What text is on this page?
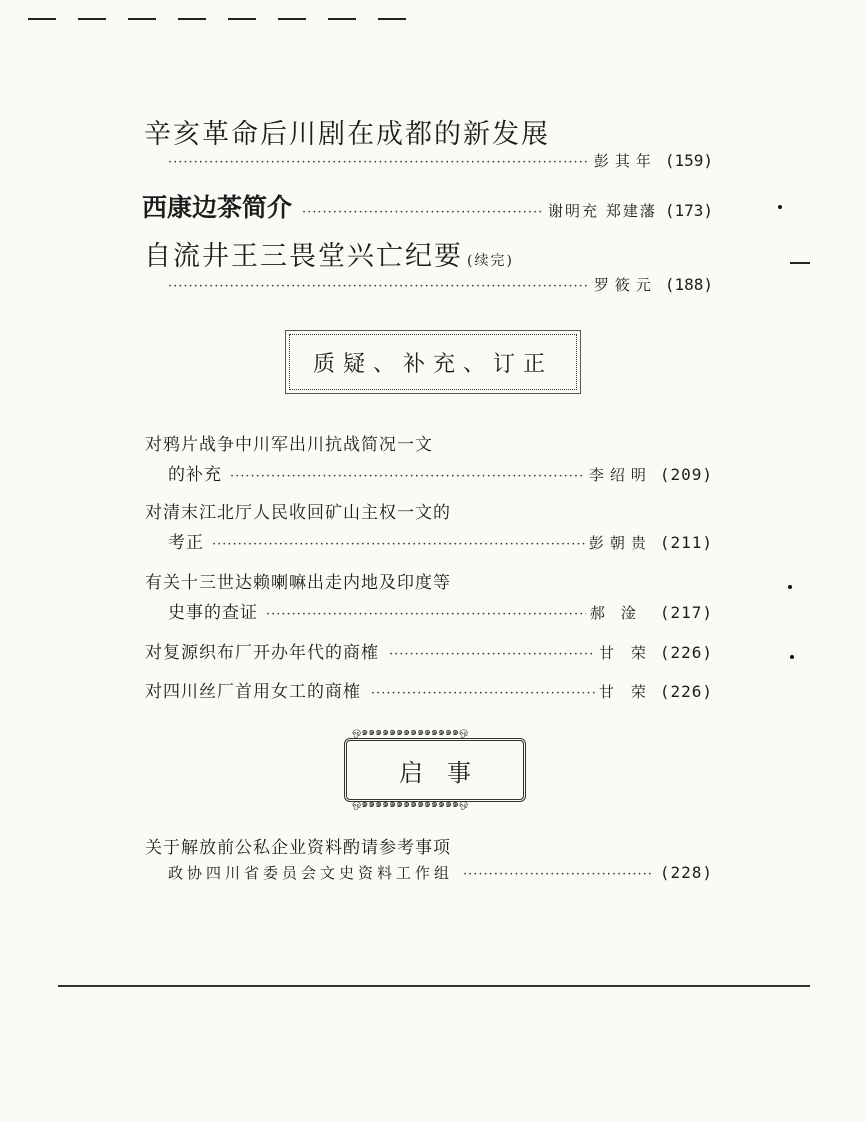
辛亥革命后川剧在成都的新发展
·····
彭其年 (159)
西康边茶简介 ·····	谢明充 郑建藩 (173)
自流井王三畏堂兴亡纪要 (续完)
·····
罗筱元 (188)
质疑、补充、订正
对鸦片战争中川军出川抗战简况一文
的补充 ·····	李绍明 (209)
对清末江北厅人民收回矿山主权一文的
考正 ·····	彭朝贵 (211)
有关十三世达赖喇嘛出走内地及印度等
史事的查证 ·····	郝淦 (217)
对复源织布厂开办年代的商榷 ·····	甘 荣 (226)
对四川丝厂首用女工的商榷 ·····	甘 荣 (226)
ஒ๑๑๑๑๑๑๑๑๑๑๑๑๑๑ஒ
启事
ஒ๑๑๑๑๑๑๑๑๑๑๑๑๑๑ஒ
关于解放前公私企业资料酌请参考事项
政协四川省委员会文史资料工作组 ·····	(228)
